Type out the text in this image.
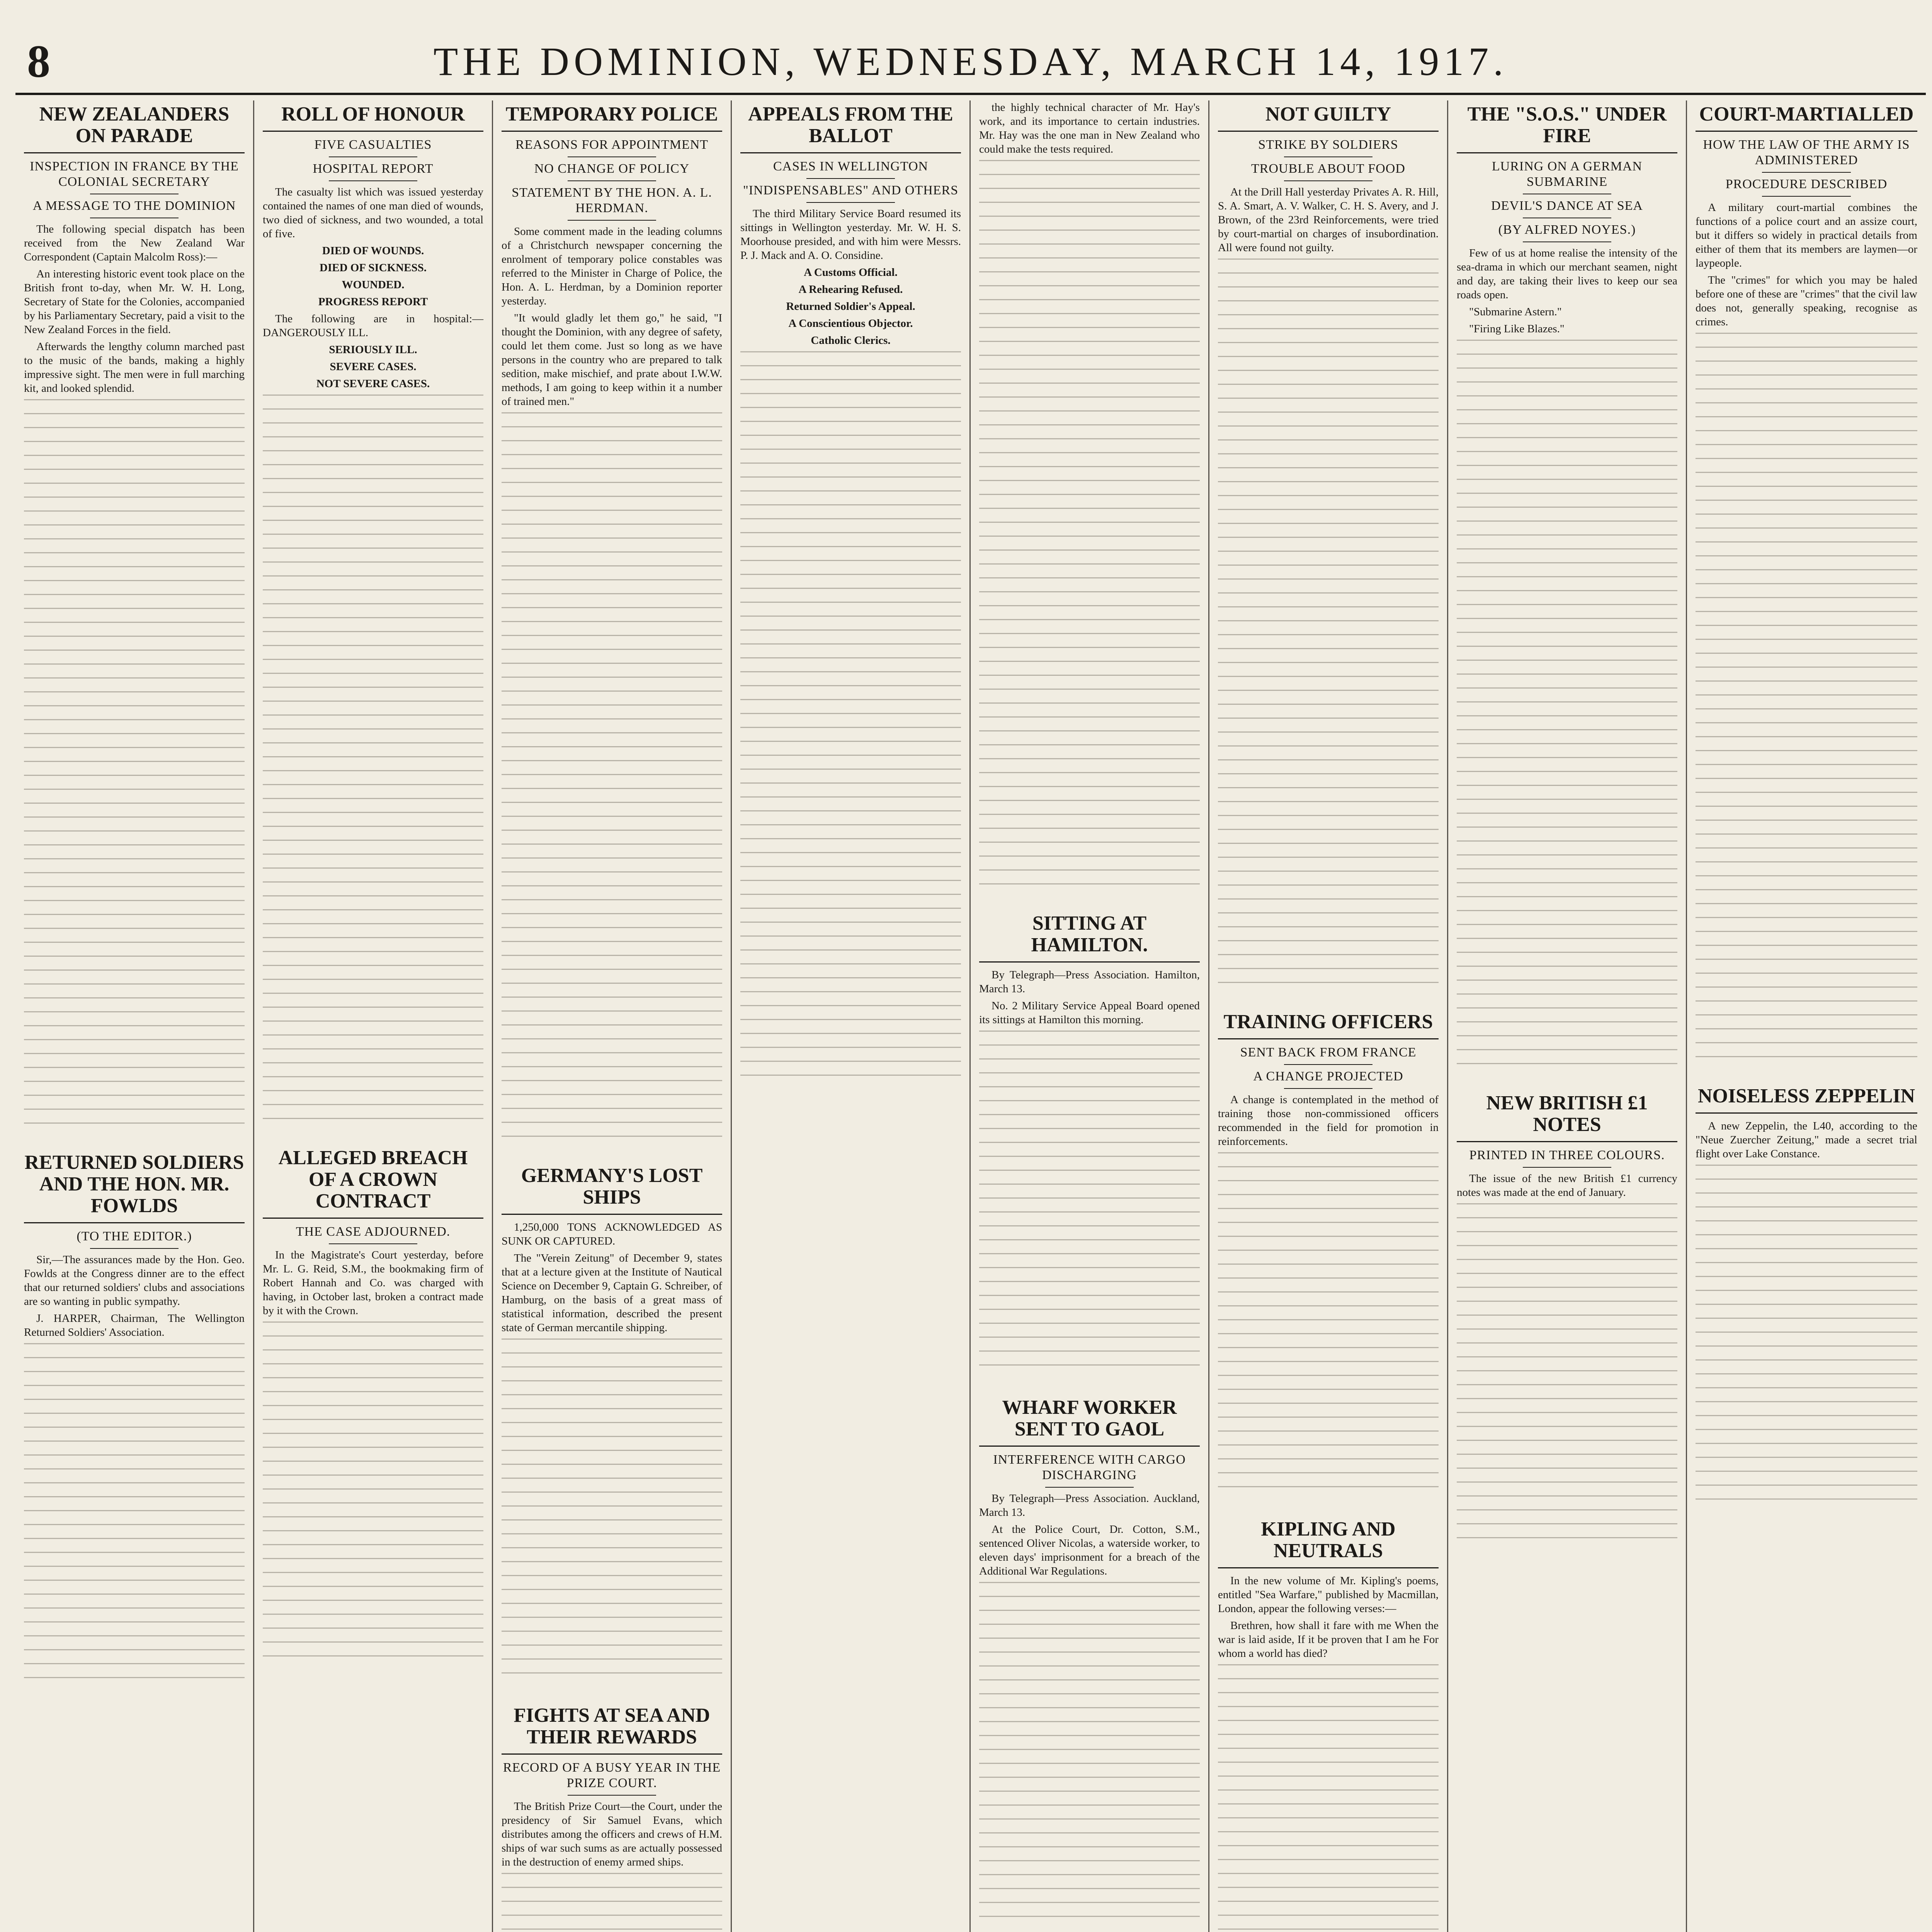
8	THE DOMINION, WEDNESDAY, MARCH 14, 1917.
NEW ZEALANDERS ON PARADE
INSPECTION IN FRANCE BY THE COLONIAL SECRETARY
A MESSAGE TO THE DOMINION

The following special dispatch has been received from the New Zealand War Correspondent (Captain Malcolm Ross):—

An interesting historic event took place on the British front to-day, when Mr. W. H. Long, Secretary of State for the Colonies, accompanied by his Parliamentary Secretary, paid a visit to the New Zealand Forces in the field.

Afterwards the lengthy column marched past to the music of the bands, making a highly impressive sight. The men were in full marching kit, and looked splendid.

RETURNED SOLDIERS AND THE HON. MR. FOWLDS
(TO THE EDITOR.)

Sir,—The assurances made by the Hon. Geo. Fowlds at the Congress dinner are to the effect that our returned soldiers' clubs and associations are so wanting in public sympathy.

J. HARPER, Chairman, The Wellington Returned Soldiers' Association.

ROLL OF HONOUR
FIVE CASUALTIES
HOSPITAL REPORT

The casualty list which was issued yesterday contained the names of one man died of wounds, two died of sickness, and two wounded, a total of five.

DIED OF WOUNDS.

DIED OF SICKNESS.

WOUNDED.

PROGRESS REPORT

The following are in hospital:— DANGEROUSLY ILL.

SERIOUSLY ILL.

SEVERE CASES.

NOT SEVERE CASES.

ALLEGED BREACH OF A CROWN CONTRACT
THE CASE ADJOURNED.

In the Magistrate's Court yesterday, before Mr. L. G. Reid, S.M., the bookmaking firm of Robert Hannah and Co. was charged with having, in October last, broken a contract made by it with the Crown.

TEMPORARY POLICE
REASONS FOR APPOINTMENT
NO CHANGE OF POLICY
STATEMENT BY THE HON. A. L. HERDMAN.

Some comment made in the leading columns of a Christchurch newspaper concerning the enrolment of temporary police constables was referred to the Minister in Charge of Police, the Hon. A. L. Herdman, by a Dominion reporter yesterday.

"It would gladly let them go," he said, "I thought the Dominion, with any degree of safety, could let them come. Just so long as we have persons in the country who are prepared to talk sedition, make mischief, and prate about I.W.W. methods, I am going to keep within it a number of trained men."

GERMANY'S LOST SHIPS

1,250,000 TONS ACKNOWLEDGED AS SUNK OR CAPTURED.

The "Verein Zeitung" of December 9, states that at a lecture given at the Institute of Nautical Science on December 9, Captain G. Schreiber, of Hamburg, on the basis of a great mass of statistical information, described the present state of German mercantile shipping.

FIGHTS AT SEA AND THEIR REWARDS
RECORD OF A BUSY YEAR IN THE PRIZE COURT.

The British Prize Court—the Court, under the presidency of Sir Samuel Evans, which distributes among the officers and crews of H.M. ships of war such sums as are actually possessed in the destruction of enemy armed ships.

APPEALS FROM THE BALLOT
CASES IN WELLINGTON
"INDISPENSABLES" AND OTHERS

The third Military Service Board resumed its sittings in Wellington yesterday. Mr. W. H. S. Moorhouse presided, and with him were Messrs. P. J. Mack and A. O. Considine.

A Customs Official.

A Rehearing Refused.

Returned Soldier's Appeal.

A Conscientious Objector.

Catholic Clerics.

the highly technical character of Mr. Hay's work, and its importance to certain industries. Mr. Hay was the one man in New Zealand who could make the tests required.

SITTING AT HAMILTON.

By Telegraph—Press Association. Hamilton, March 13.

No. 2 Military Service Appeal Board opened its sittings at Hamilton this morning.

WHARF WORKER SENT TO GAOL
INTERFERENCE WITH CARGO DISCHARGING

By Telegraph—Press Association. Auckland, March 13.

At the Police Court, Dr. Cotton, S.M., sentenced Oliver Nicolas, a waterside worker, to eleven days' imprisonment for a breach of the Additional War Regulations.

NOT GUILTY
STRIKE BY SOLDIERS
TROUBLE ABOUT FOOD

At the Drill Hall yesterday Privates A. R. Hill, S. A. Smart, A. V. Walker, C. H. S. Avery, and J. Brown, of the 23rd Reinforcements, were tried by court-martial on charges of insubordination. All were found not guilty.

TRAINING OFFICERS
SENT BACK FROM FRANCE
A CHANGE PROJECTED

A change is contemplated in the method of training those non-commissioned officers recommended in the field for promotion in reinforcements.

KIPLING AND NEUTRALS

In the new volume of Mr. Kipling's poems, entitled "Sea Warfare," published by Macmillan, London, appear the following verses:—

Brethren, how shall it fare with me When the war is laid aside, If it be proven that I am he For whom a world has died?

THE "S.O.S." UNDER FIRE
LURING ON A GERMAN SUBMARINE
DEVIL'S DANCE AT SEA
(BY ALFRED NOYES.)

Few of us at home realise the intensity of the sea-drama in which our merchant seamen, night and day, are taking their lives to keep our sea roads open.

"Submarine Astern."

"Firing Like Blazes."

NEW BRITISH £1 NOTES
PRINTED IN THREE COLOURS.

The issue of the new British £1 currency notes was made at the end of January.

COURT-MARTIALLED
HOW THE LAW OF THE ARMY IS ADMINISTERED
PROCEDURE DESCRIBED

A military court-martial combines the functions of a police court and an assize court, but it differs so widely in practical details from either of them that its members are laymen—or laypeople.

The "crimes" for which you may be haled before one of these are "crimes" that the civil law does not, generally speaking, recognise as crimes.

NOISELESS ZEPPELIN

A new Zeppelin, the L40, according to the "Neue Zuercher Zeitung," made a secret trial flight over Lake Constance.
